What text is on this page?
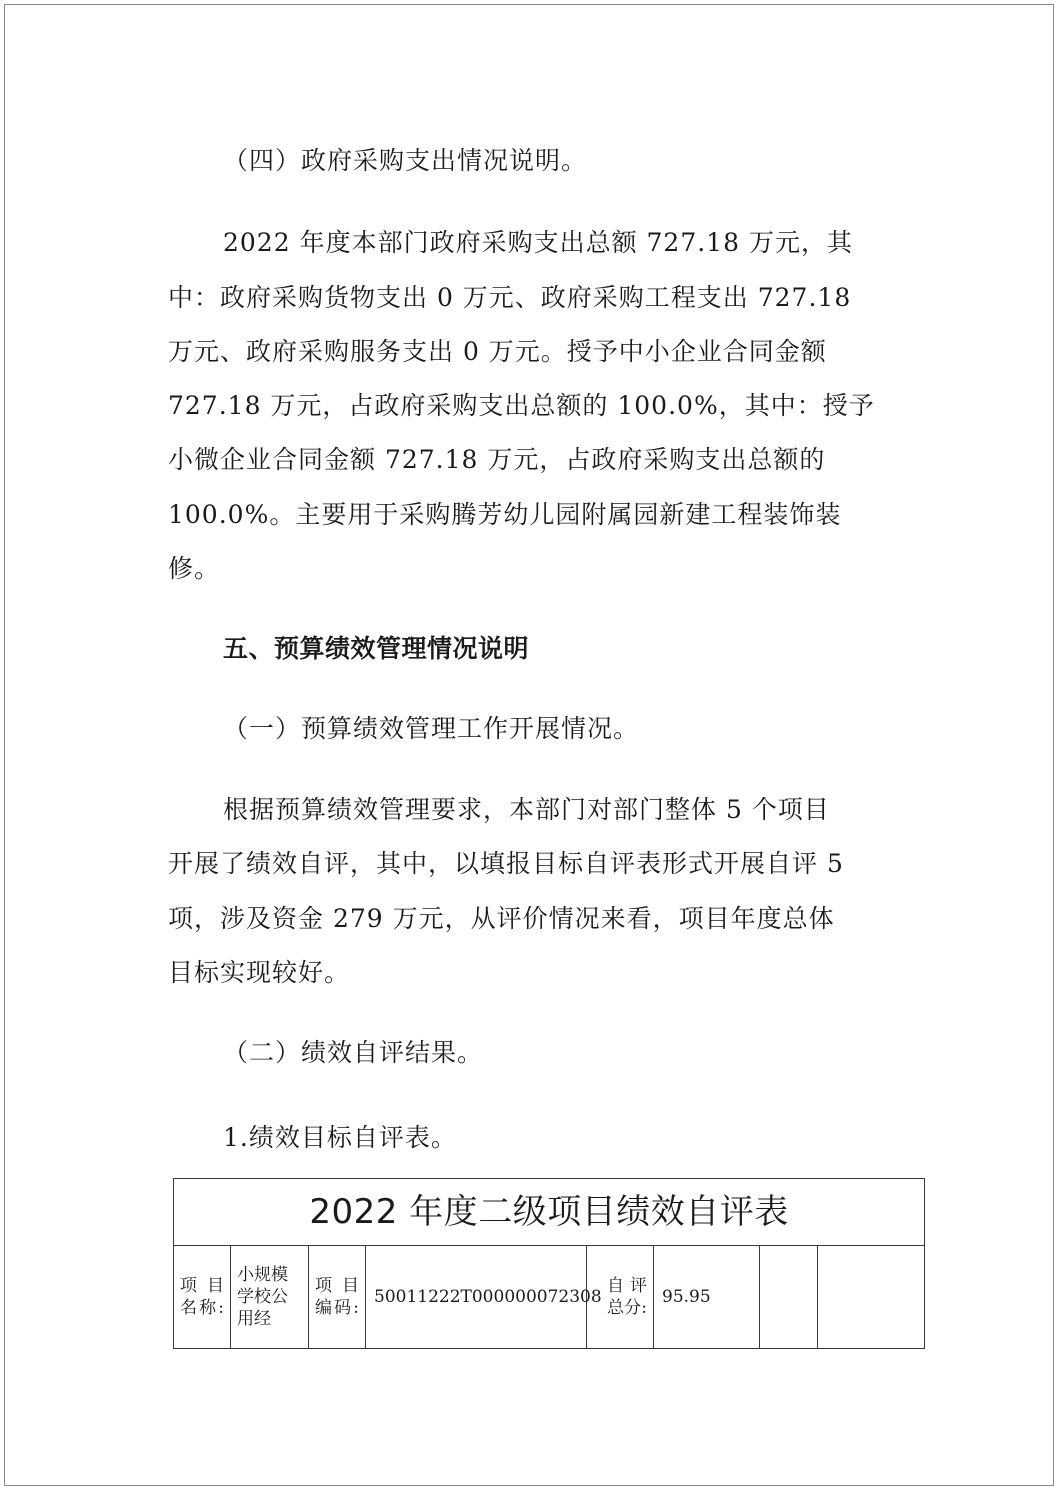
（四）政府采购支出情况说明。
2022 年度本部门政府采购支出总额 727.18 万元，其
中：政府采购货物支出 0 万元、政府采购工程支出 727.18
万元、政府采购服务支出 0 万元。授予中小企业合同金额
727.18 万元，占政府采购支出总额的 100.0%，其中：授予
小微企业合同金额 727.18 万元，占政府采购支出总额的
100.0%。主要用于采购腾芳幼儿园附属园新建工程装饰装
修。
五、预算绩效管理情况说明
（一）预算绩效管理工作开展情况。
根据预算绩效管理要求，本部门对部门整体 5 个项目
开展了绩效自评，其中，以填报目标自评表形式开展自评 5
项，涉及资金 279 万元，从评价情况来看，项目年度总体
目标实现较好。
（二）绩效自评结果。
1.绩效目标自评表。
2022 年度二级项目绩效自评表
项目名称:	小规模学校公用经	项目编码:	50011222T000000072308	自评总分:	95.95		
